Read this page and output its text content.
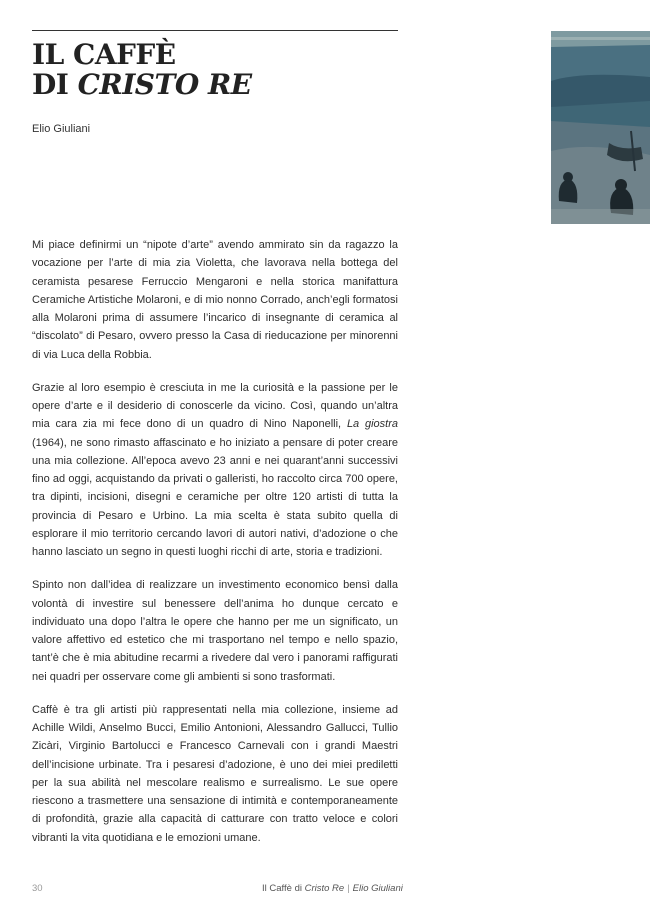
IL CAFFÈ
DI CRISTO RE
Elio Giuliani

Mi piace definirmi un “nipote d’arte” avendo ammirato sin da ragazzo la vocazione per l’arte di mia zia Violetta, che lavorava nella bottega del ceramista pesarese Ferruccio Mengaroni e nella storica manifattura Ceramiche Artistiche Molaroni, e di mio nonno Corrado, anch’egli formatosi alla Molaroni prima di assumere l’incarico di insegnante di ceramica al “discolato” di Pesaro, ovvero presso la Casa di rieducazione per minorenni di via Luca della Robbia.

Grazie al loro esempio è cresciuta in me la curiosità e la passione per le opere d’arte e il desiderio di conoscerle da vicino. Così, quando un’altra mia cara zia mi fece dono di un quadro di Nino Naponelli, La giostra (1964), ne sono rimasto affascinato e ho iniziato a pensare di poter creare una mia collezione. All’epoca avevo 23 anni e nei quarant’anni successivi fino ad oggi, acquistando da privati o galleristi, ho raccolto circa 700 opere, tra dipinti, incisioni, disegni e ceramiche per oltre 120 artisti di tutta la provincia di Pesaro e Urbino. La mia scelta è stata subito quella di esplorare il mio territorio cercando lavori di autori nativi, d’adozione o che hanno lasciato un segno in questi luoghi ricchi di arte, storia e tradizioni.

Spinto non dall’idea di realizzare un investimento economico bensì dalla volontà di investire sul benessere dell’anima ho dunque cercato e individuato una dopo l’altra le opere che hanno per me un significato, un valore affettivo ed estetico che mi trasportano nel tempo e nello spazio, tant’è che è mia abitudine recarmi a rivedere dal vero i panorami raffigurati nei quadri per osservare come gli ambienti si sono trasformati.

Caffè è tra gli artisti più rappresentati nella mia collezione, insieme ad Achille Wildi, Anselmo Bucci, Emilio Antonioni, Alessandro Gallucci, Tullio Zicàri, Virginio Bartolucci e Francesco Carnevali con i grandi Maestri dell’incisione urbinate. Tra i pesaresi d’adozione, è uno dei miei prediletti per la sua abilità nel mescolare realismo e surrealismo. Le sue opere riescono a trasmettere una sensazione di intimità e contemporaneamente di profondità, grazie alla capacità di catturare con tratto veloce e colori vibranti la vita quotidiana e le emozioni umane.

30	Il Caffè di Cristo Re | Elio Giuliani
